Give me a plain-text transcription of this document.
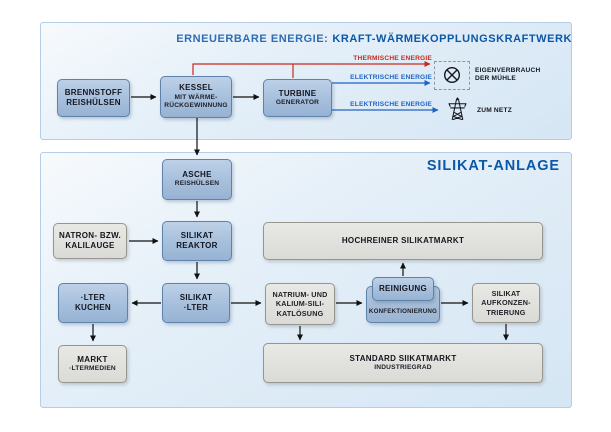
ERNEUERBARE ENERGIE: KRAFT-WÄRMEKOPPLUNGSKRAFTWERK
SILIKAT-ANLAGE
THERMISCHE ENERGIE
ELEKTRISCHE ENERGIE
ELEKTRISCHE ENERGIE
EIGENVERBRAUCH
DER MÜHLE
ZUM NETZ
BRENNSTOFF
REISHÜLSEN
KESSEL
MIT WÄRME-
RÜCKGEWINNUNG
TURBINE
GENERATOR
ASCHE
REISHÜLSEN
NATRON- BZW.
KALILAUGE
SILIKAT
REAKTOR
HOCHREINER SILIKATMARKT
·LTER
KUCHEN
SILIKAT
·LTER
NATRIUM- UND
KALIUM-SILI-
KATLÖSUNG	KONFEKTIONIERUNG
REINIGUNG
SILIKAT
AUFKONZEN-
TRIERUNG
MARKT
·LTERMEDIEN
STANDARD SIIKATMARKT
INDUSTRIEGRAD
